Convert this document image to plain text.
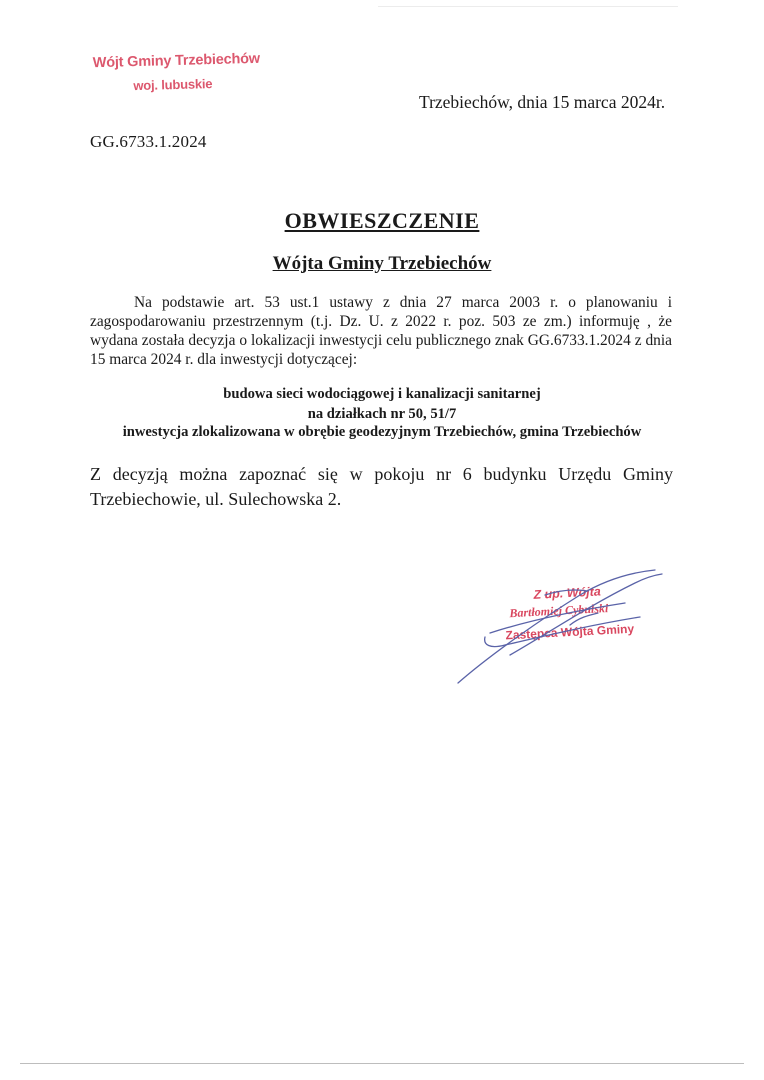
Wójt Gminy Trzebiechów
woj. lubuskie
Trzebiechów, dnia 15 marca 2024r.
GG.6733.1.2024
OBWIESZCZENIE
Wójta Gminy Trzebiechów
Na podstawie art. 53 ust.1 ustawy z dnia 27 marca 2003 r. o planowaniu i zagospodarowaniu przestrzennym (t.j. Dz. U. z 2022 r. poz. 503 ze zm.) informuję , że wydana została decyzja o lokalizacji inwestycji celu publicznego znak GG.6733.1.2024 z dnia 15 marca 2024 r. dla inwestycji dotyczącej:
budowa sieci wodociągowej i kanalizacji sanitarnej
na działkach nr 50, 51/7
inwestycja zlokalizowana w obrębie geodezyjnym Trzebiechów, gmina Trzebiechów
Z decyzją można zapoznać się w pokoju nr 6 budynku Urzędu Gminy Trzebiechowie, ul. Sulechowska 2.
Z up. Wójta
Bartłomiej Cybulski
Zastępca Wójta Gminy
